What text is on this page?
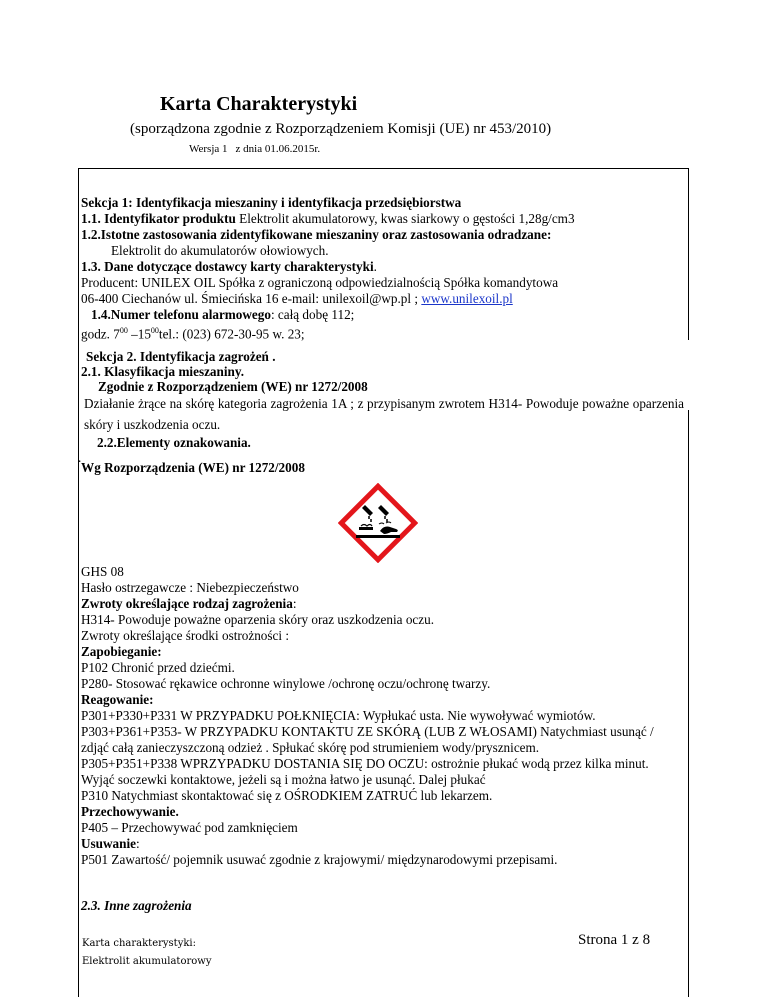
Karta Charakterystyki
(sporządzona zgodnie z Rozporządzeniem Komisji (UE) nr 453/2010)
Wersja 1 z dnia 01.06.2015r.
Sekcja 1: Identyfikacja mieszaniny i identyfikacja przedsiębiorstwa
1.1. Identyfikator produktu Elektrolit akumulatorowy, kwas siarkowy o gęstości 1,28g/cm3
1.2.Istotne zastosowania zidentyfikowane mieszaniny oraz zastosowania odradzane:
Elektrolit do akumulatorów ołowiowych.
1.3. Dane dotyczące dostawcy karty charakterystyki.
Producent: UNILEX OIL Spółka z ograniczoną odpowiedzialnością Spółka komandytowa
06-400 Ciechanów ul. Śmiecińska 16 e-mail: unilexoil@wp.pl ; www.unilexoil.pl
1.4.Numer telefonu alarmowego: całą dobę 112;
godz. $7^{00}$ $-15^{00}tel$.: (023) 672-30-95 w. 23;
Sekcja 2. Identyfikacja zagrożeń .
2.1. Klasyfikacja mieszaniny.
Zgodnie z Rozporządzeniem (WE) nr 1272/2008
Działanie żrące na skórę kategoria zagrożenia 1A ; z przypisanym zwrotem H314- Powoduje poważne oparzenia skóry i uszkodzenia oczu.
2.2.Elementy oznakowania.
.
Wg Rozporządzenia (WE) nr 1272/2008
GHS 08
Hasło ostrzegawcze : Niebezpieczeństwo
Zwroty określające rodzaj zagrożenia:
H314- Powoduje poważne oparzenia skóry oraz uszkodzenia oczu.
Zwroty określające środki ostrożności :
Zapobieganie:
P102 Chronić przed dziećmi.
P280- Stosować rękawice ochronne winylowe /ochronę oczu/ochronę twarzy.
Reagowanie:
P301+P330+P331 W PRZYPADKU POŁKNIĘCIA: Wypłukać usta. Nie wywoływać wymiotów.
P303+P361+P353- W PRZYPADKU KONTAKTU ZE SKÓRĄ (LUB Z WŁOSAMI) Natychmiast usunąć /
zdjąć całą zanieczyszczoną odzież . Spłukać skórę pod strumieniem wody/prysznicem.
P305+P351+P338 WPRZYPADKU DOSTANIA SIĘ DO OCZU: ostrożnie płukać wodą przez kilka minut.
Wyjąć soczewki kontaktowe, jeżeli są i można łatwo je usunąć. Dalej płukać
P310 Natychmiast skontaktować się z OŚRODKIEM ZATRUĆ lub lekarzem.
Przechowywanie.
P405 – Przechowywać pod zamknięciem
Usuwanie:
P501 Zawartość/ pojemnik usuwać zgodnie z krajowymi/ międzynarodowymi przepisami.
2.3. Inne zagrożenia
Karta charakterystyki:
Elektrolit akumulatorowy
Strona 1 z 8
